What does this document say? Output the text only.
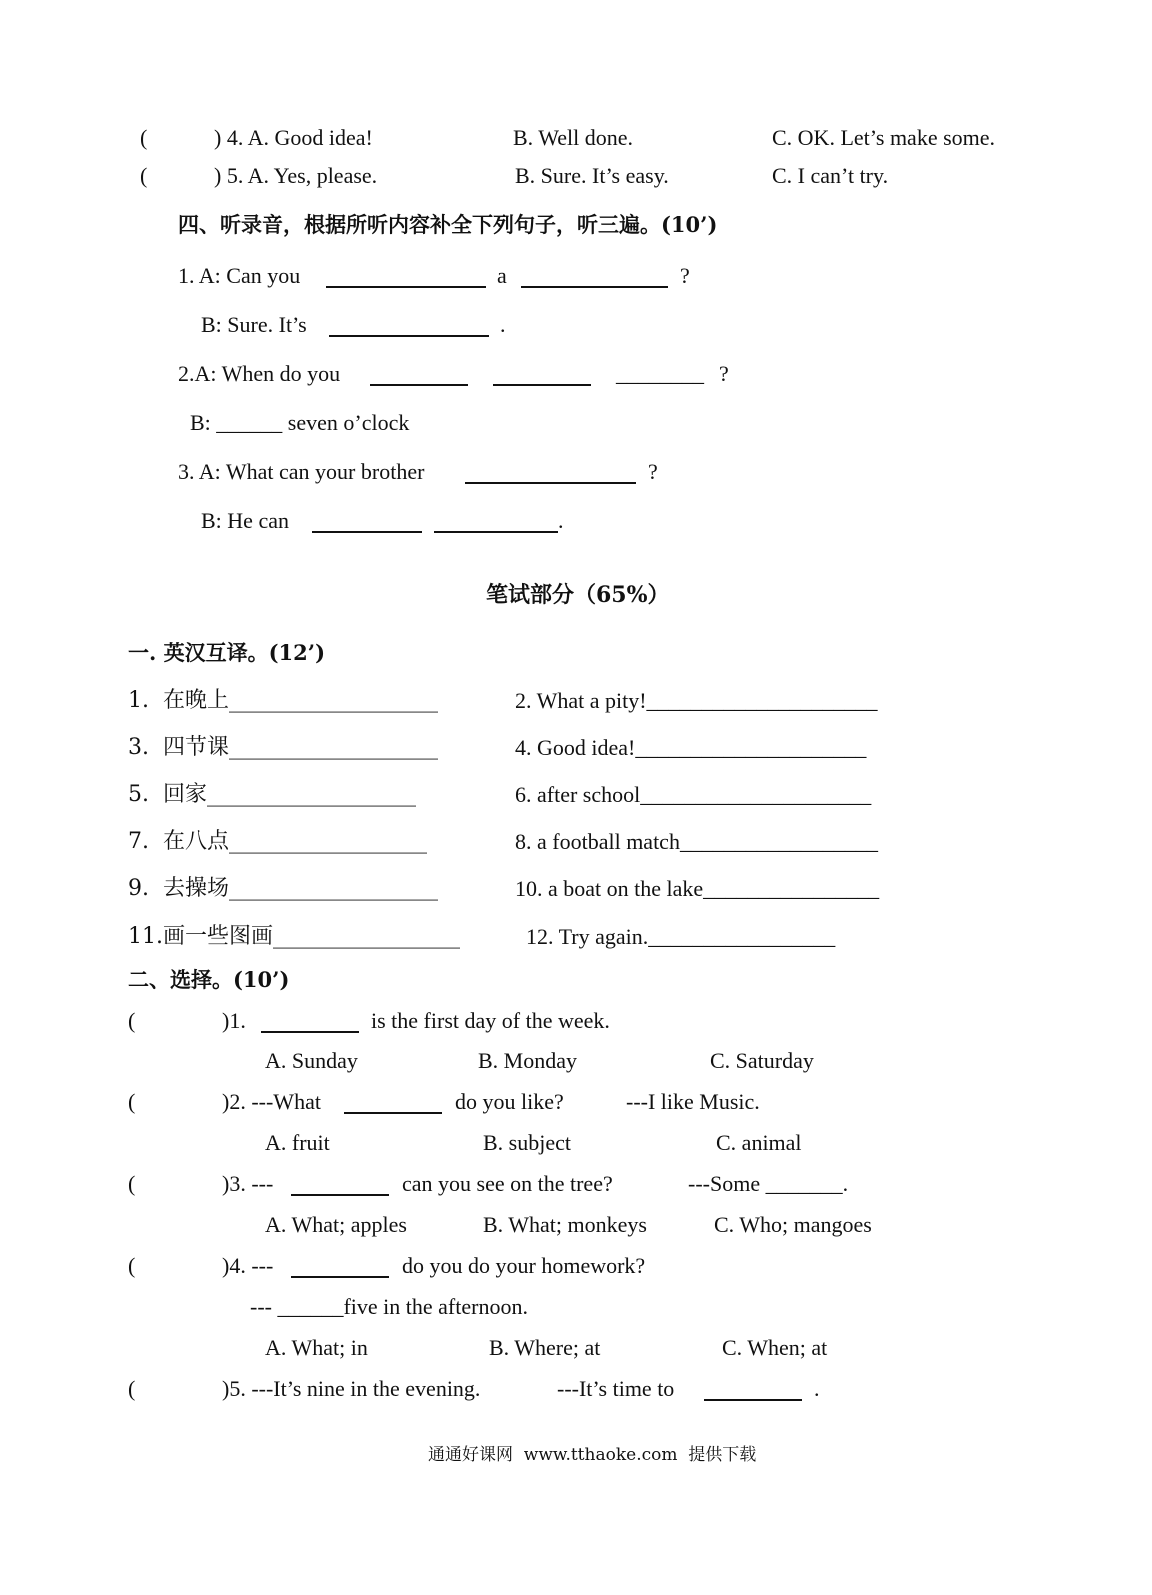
(	) 4. A. Good idea!	B. Well done.	C. OK. Let’s make some.
(	) 5. A. Yes, please.	B. Sure. It’s easy.	C. I can’t try.
四、听录音，根据所听内容补全下列句子，听三遍。(10’)
1. A: Can you	a	?
B: Sure. It’s	.
2.A: When do you	________ ?
B: ______ seven o’clock
3. A: What can your brother	?
B: He can	.
笔试部分（65%）
一. 英汉互译。(12’)
1.  在晚上___________________	2. What a pity!_____________________
3.  四节课___________________	4. Good idea!_____________________
5.  回家___________________	6. after school_____________________
7.  在八点__________________	8. a football match__________________
9.  去操场___________________	10. a boat on the lake________________
11.画一些图画_________________	12. Try again._________________
二、选择。(10’)
(	)1.	is the first day of the week.
A. Sunday	B. Monday	C. Saturday
(	)2. ---What	do you like?	---I like Music.
A. fruit	B. subject	C. animal
(	)3. ---	can you see on the tree?	---Some _______.
A. What; apples	B. What; monkeys	C. Who; mangoes
(	)4. ---	do you do your homework?
--- ______five in the afternoon.
A. What; in	B. Where; at	C. When; at
(	)5. ---It’s nine in the evening.	---It’s time to	.
通通好课网  www.tthaoke.com  提供下载
